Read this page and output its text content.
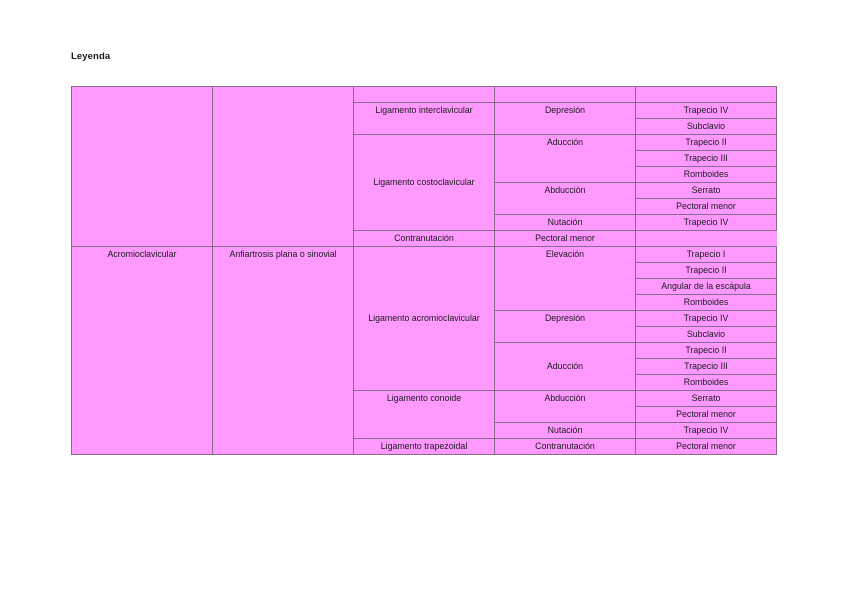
Leyenda

		Ligamento interclavicular	Depresión	Trapecio IV
				Subclavio
		Ligamento costoclavicular	Aducción	Trapecio II
				Trapecio III
				Romboides
			Abducción	Serrato
				Pectoral menor
			Nutación	Trapecio IV

		Contranutación	Pectoral menor	

Acromioclavicular	Anfiartrosis plana o sinovial	Ligamento acromioclavicular	Elevación	Trapecio I
				Trapecio II
				Angular de la escápula
				Romboides
			Depresión	Trapecio IV
				Subclavio
			Aducción	Trapecio II
				Trapecio III
				Romboides
		Ligamento conoide	Abducción	Serrato
				Pectoral menor
			Nutación	Trapecio IV

		Ligamento trapezoidal	Contranutación	Pectoral menor
